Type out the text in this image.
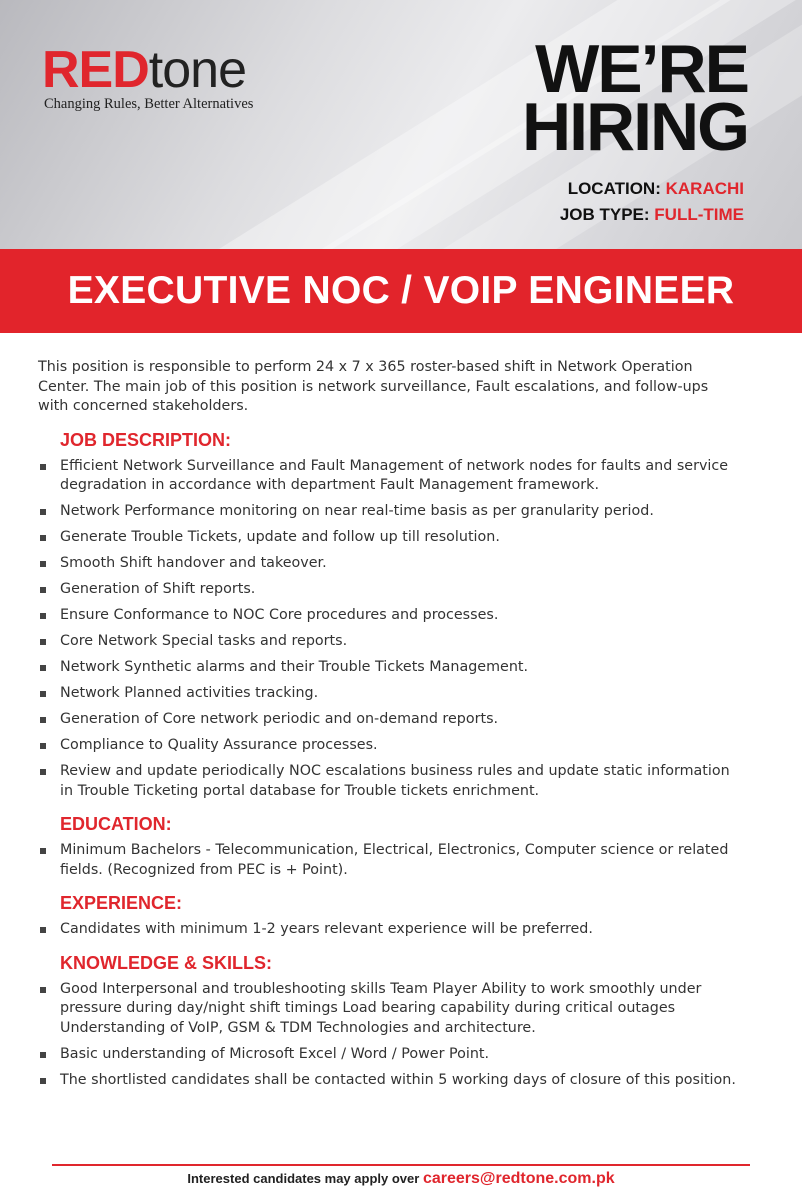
REDtone
Changing Rules, Better Alternatives	WE’RE
HIRING
LOCATION: KARACHI
JOB TYPE: FULL-TIME
EXECUTIVE NOC / VOIP ENGINEER

This position is responsible to perform 24 x 7 x 365 roster-based shift in Network Operation Center. The main job of this position is network surveillance, Fault escalations, and follow-ups with concerned stakeholders.

JOB DESCRIPTION:
Efficient Network Surveillance and Fault Management of network nodes for faults and service degradation in accordance with department Fault Management framework.
Network Performance monitoring on near real-time basis as per granularity period.
Generate Trouble Tickets, update and follow up till resolution.
Smooth Shift handover and takeover.
Generation of Shift reports.
Ensure Conformance to NOC Core procedures and processes.
Core Network Special tasks and reports.
Network Synthetic alarms and their Trouble Tickets Management.
Network Planned activities tracking.
Generation of Core network periodic and on-demand reports.
Compliance to Quality Assurance processes.
Review and update periodically NOC escalations business rules and update static information in Trouble Ticketing portal database for Trouble tickets enrichment.
EDUCATION:
Minimum Bachelors - Telecommunication, Electrical, Electronics, Computer science or related fields. (Recognized from PEC is + Point).
EXPERIENCE:
Candidates with minimum 1-2 years relevant experience will be preferred.
KNOWLEDGE & SKILLS:
Good Interpersonal and troubleshooting skills Team Player Ability to work smoothly under pressure during day/night shift timings Load bearing capability during critical outages Understanding of VoIP, GSM & TDM Technologies and architecture.
Basic understanding of Microsoft Excel / Word / Power Point.
The shortlisted candidates shall be contacted within 5 working days of closure of this position.
Interested candidates may apply over careers@redtone.com.pk
